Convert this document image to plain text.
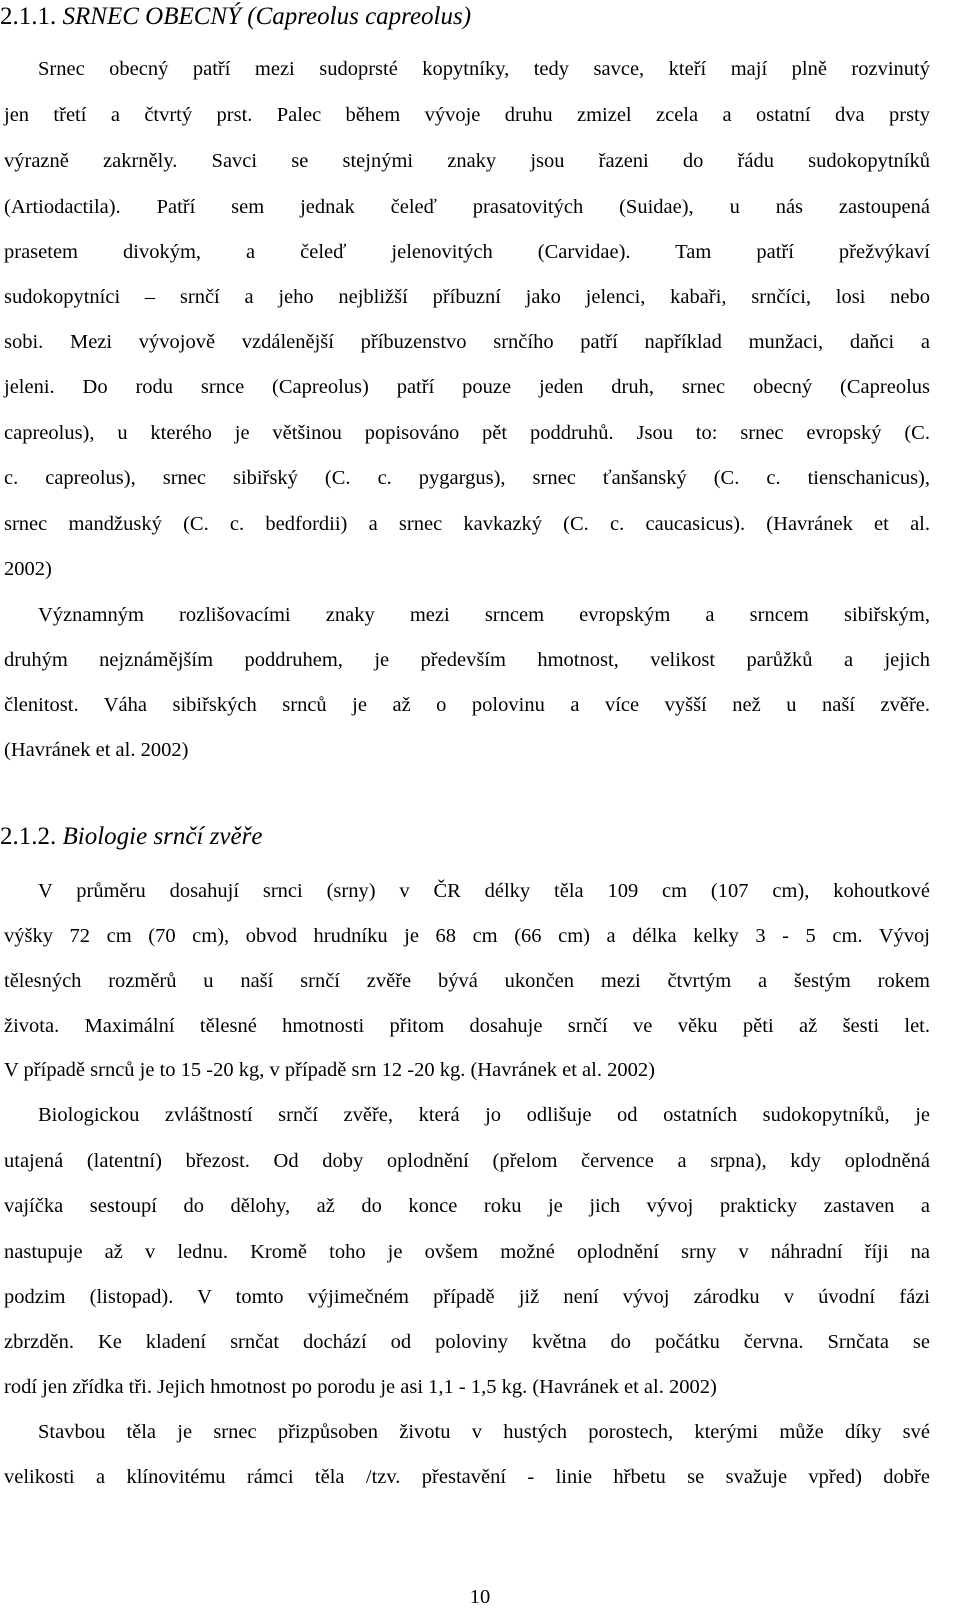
2.1.1. SRNEC OBECNÝ (Capreolus capreolus)
Srnec obecný patří mezi sudoprsté kopytníky, tedy savce, kteří mají plně rozvinutý
jen třetí a čtvrtý prst. Palec během vývoje druhu zmizel zcela a ostatní dva prsty
výrazně zakrněly. Savci se stejnými znaky jsou řazeni do řádu sudokopytníků
(Artiodactila). Patří sem jednak čeleď prasatovitých (Suidae), u nás zastoupená
prasetem divokým, a čeleď jelenovitých (Carvidae). Tam patří přežvýkaví
sudokopytníci – srnčí a jeho nejbližší příbuzní jako jelenci, kabaři, srnčíci, losi nebo
sobi. Mezi vývojově vzdálenější příbuzenstvo srnčího patří například munžaci, daňci a
jeleni. Do rodu srnce (Capreolus) patří pouze jeden druh, srnec obecný (Capreolus
capreolus), u kterého je většinou popisováno pět poddruhů. Jsou to: srnec evropský (C.
c. capreolus), srnec sibiřský (C. c. pygargus), srnec ťanšanský (C. c. tienschanicus),
srnec mandžuský (C. c. bedfordii) a srnec kavkazký (C. c. caucasicus). (Havránek et al.
2002)
Významným rozlišovacími znaky mezi srncem evropským a srncem sibiřským,
druhým nejznámějším poddruhem, je především hmotnost, velikost parůžků a jejich
členitost. Váha sibiřských srnců je až o polovinu a více vyšší než u naší zvěře.
(Havránek et al. 2002)
2.1.2. Biologie srnčí zvěře
V průměru dosahují srnci (srny) v ČR délky těla 109 cm (107 cm), kohoutkové
výšky 72 cm (70 cm), obvod hrudníku je 68 cm (66 cm) a délka kelky 3 - 5 cm. Vývoj
tělesných rozměrů u naší srnčí zvěře bývá ukončen mezi čtvrtým a šestým rokem
života. Maximální tělesné hmotnosti přitom dosahuje srnčí ve věku pěti až šesti let.
V případě srnců je to 15 -20 kg, v případě srn 12 -20 kg. (Havránek et al. 2002)
Biologickou zvláštností srnčí zvěře, která jo odlišuje od ostatních sudokopytníků, je
utajená (latentní) březost. Od doby oplodnění (přelom července a srpna), kdy oplodněná
vajíčka sestoupí do dělohy, až do konce roku je jich vývoj prakticky zastaven a
nastupuje až v lednu. Kromě toho je ovšem možné oplodnění srny v náhradní říji na
podzim (listopad). V tomto výjimečném případě již není vývoj zárodku v úvodní fázi
zbrzděn. Ke kladení srnčat dochází od poloviny května do počátku června. Srnčata se
rodí jen zřídka tři. Jejich hmotnost po porodu je asi 1,1 - 1,5 kg. (Havránek et al. 2002)
Stavbou těla je srnec přizpůsoben životu v hustých porostech, kterými může díky své
velikosti a klínovitému rámci těla /tzv. přestavění - linie hřbetu se svažuje vpřed) dobře
10
